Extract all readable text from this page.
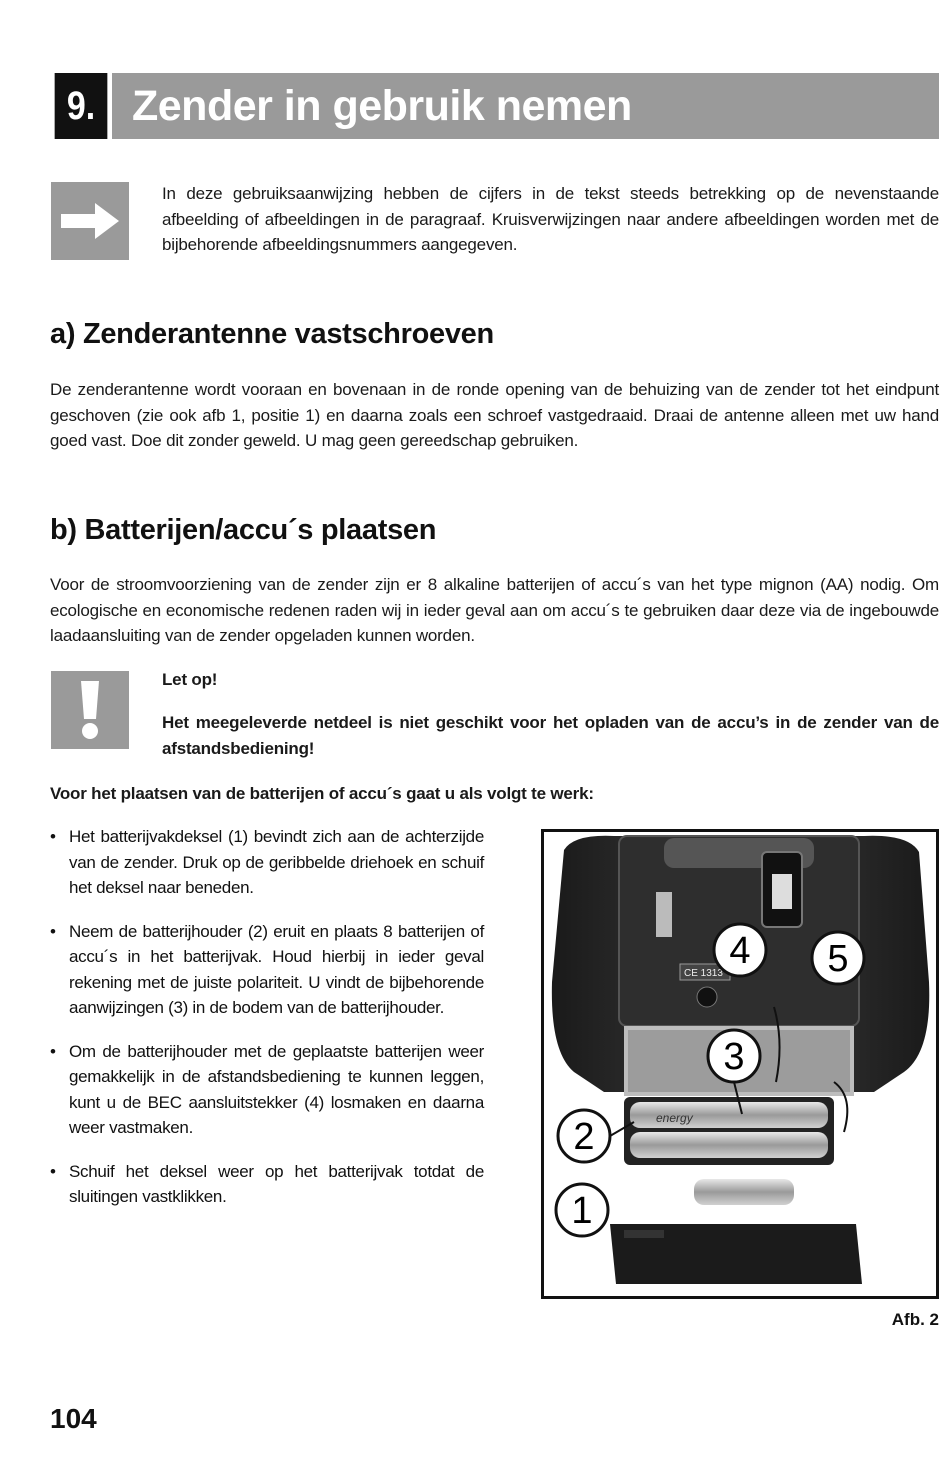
9. Zender in gebruik nemen
In deze gebruiksaanwijzing hebben de cijfers in de tekst steeds betrekking op de nevenstaande afbeelding of afbeeldingen in de paragraaf. Kruisverwijzingen naar andere afbeeldingen worden met de bijbehorende afbeeldingsnummers aangegeven.
a) Zenderantenne vastschroeven
De zenderantenne wordt vooraan en bovenaan in de ronde opening van de behuizing van de zender tot het eindpunt geschoven (zie ook afb 1, positie 1) en daarna zoals een schroef vastgedraaid. Draai de antenne alleen met uw hand goed vast. Doe dit zonder geweld. U mag geen gereedschap gebruiken.
b) Batterijen/accu´s plaatsen
Voor de stroomvoorziening van de zender zijn er 8 alkaline batterijen of accu´s van het type mignon (AA) nodig. Om ecologische en economische redenen raden wij in ieder geval aan om accu´s te gebruiken daar deze via de ingebouwde laadaansluiting van de zender opgeladen kunnen worden.
Let op!
Het meegeleverde netdeel is niet geschikt voor het opladen van de accu’s in de zender van de afstandsbediening!
Voor het plaatsen van de batterijen of accu´s gaat u als volgt te werk:
• Het batterijvakdeksel (1) bevindt zich aan de achterzijde van de zender. Druk op de geribbelde driehoek en schuif het deksel naar beneden.
• Neem de batterijhouder (2) eruit en plaats 8 batterijen of accu´s in het batterijvak. Houd hierbij in ieder geval rekening met de juiste polariteit. U vindt de bijbehorende aanwijzingen (3) in de bodem van de batterijhouder.
• Om de batterijhouder met de geplaatste batterijen weer gemakkelijk in de afstandsbediening te kunnen leggen, kunt u de BEC aansluitstekker (4) losmaken en daarna weer vastmaken.
• Schuif het deksel weer op het batterijvak totdat de sluitingen vastklikken.
CE 1313
energy
4 5
3
2
1
Afb. 2
104
